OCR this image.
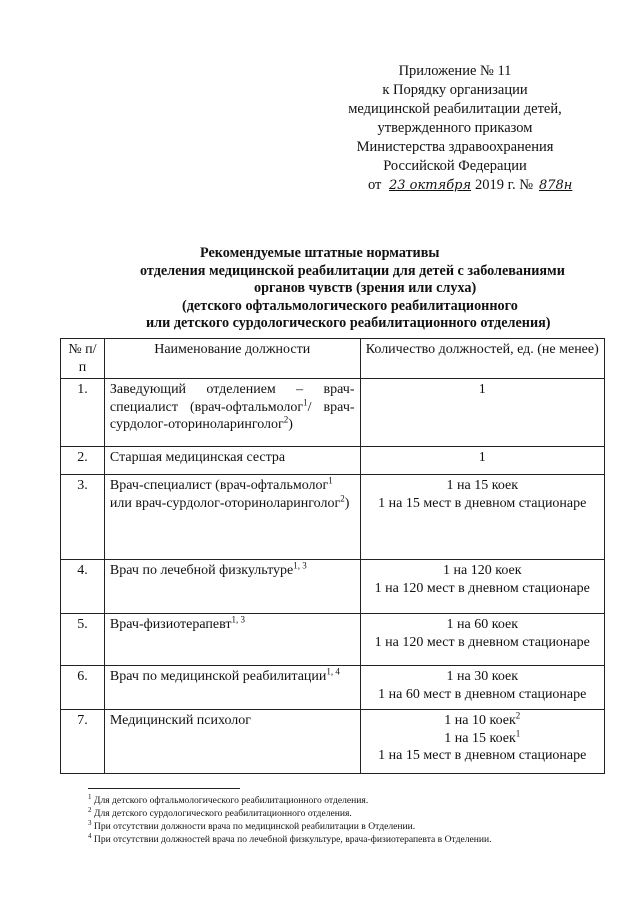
Приложение № 11
к Порядку организации
медицинской реабилитации детей,
утвержденного приказом
Министерства здравоохранения
Российской Федерации
от 23 октября 2019 г. № 878н
Рекомендуемые штатные нормативы
отделения медицинской реабилитации для детей с заболеваниями
органов чувств (зрения или слуха)
(детского офтальмологического реабилитационного
или детского сурдологического реабилитационного отделения)
№ п/п	Наименование должности	Количество должностей, ед. (не менее)
1.	Заведующий отделением – врач-специалист (врач-офтальмолог$^1$/ врач-сурдолог-оториноларинголог$^2$)	1

2.	Старшая медицинская сестра	1

3.	Врач-специалист (врач-офтальмолог$^1$ или врач-сурдолог-оториноларинголог$^2$)	1 на 15 коек
1 на 15 мест в дневном стационаре

4.	Врач по лечебной физкультуре$^{1, 3}$	1 на 120 коек
1 на 120 мест в дневном стационаре

5.	Врач-физиотерапевт$^{1, 3}$	1 на 60 коек
1 на 120 мест в дневном стационаре

6.	Врач по медицинской реабилитации$^{1, 4}$	1 на 30 коек
1 на 60 мест в дневном стационаре

7.	Медицинский психолог	1 на 10 коек$^2$
1 на 15 коек$^1$
1 на 15 мест в дневном стационаре
$^1$ Для детского офтальмологического реабилитационного отделения.
$^2$ Для детского сурдологического реабилитационного отделения.
$^3$ При отсутствии должности врача по медицинской реабилитации в Отделении.
$^4$ При отсутствии должностей врача по лечебной физкультуре, врача-физиотерапевта в Отделении.
